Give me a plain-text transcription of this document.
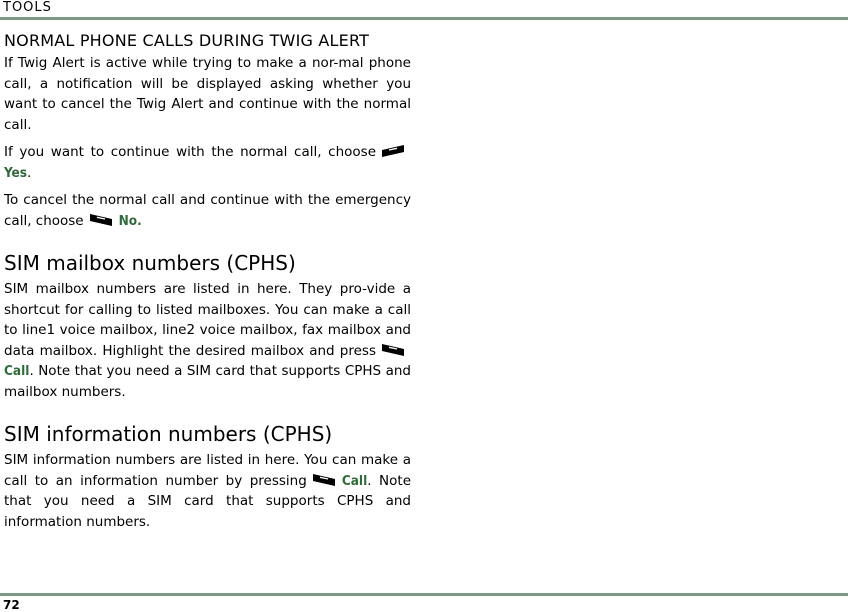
TOOLS
NORMAL PHONE CALLS DURING TWIG ALERT

If Twig Alert is active while trying to make a nor-mal phone call, a notification will be displayed asking whether you want to cancel the Twig Alert and continue with the normal call.

If you want to continue with the normal call, chooseYes.

To cancel the normal call and continue with the emergency call, choose	No.

SIM mailbox numbers (CPHS)

SIM mailbox numbers are listed in here. They pro-vide a shortcut for calling to listed mailboxes. You can make a call to line1 voice mailbox, line2 voice mailbox, fax mailbox and data mailbox. Highlight the desired mailbox and pressCall. Note that you need a SIM card that supports CPHS and mailbox numbers.

SIM information numbers (CPHS)

SIM information numbers are listed in here. You can make a call to an information number by pressing	Call. Note that you need a SIM card that supports CPHS and information numbers.

72
